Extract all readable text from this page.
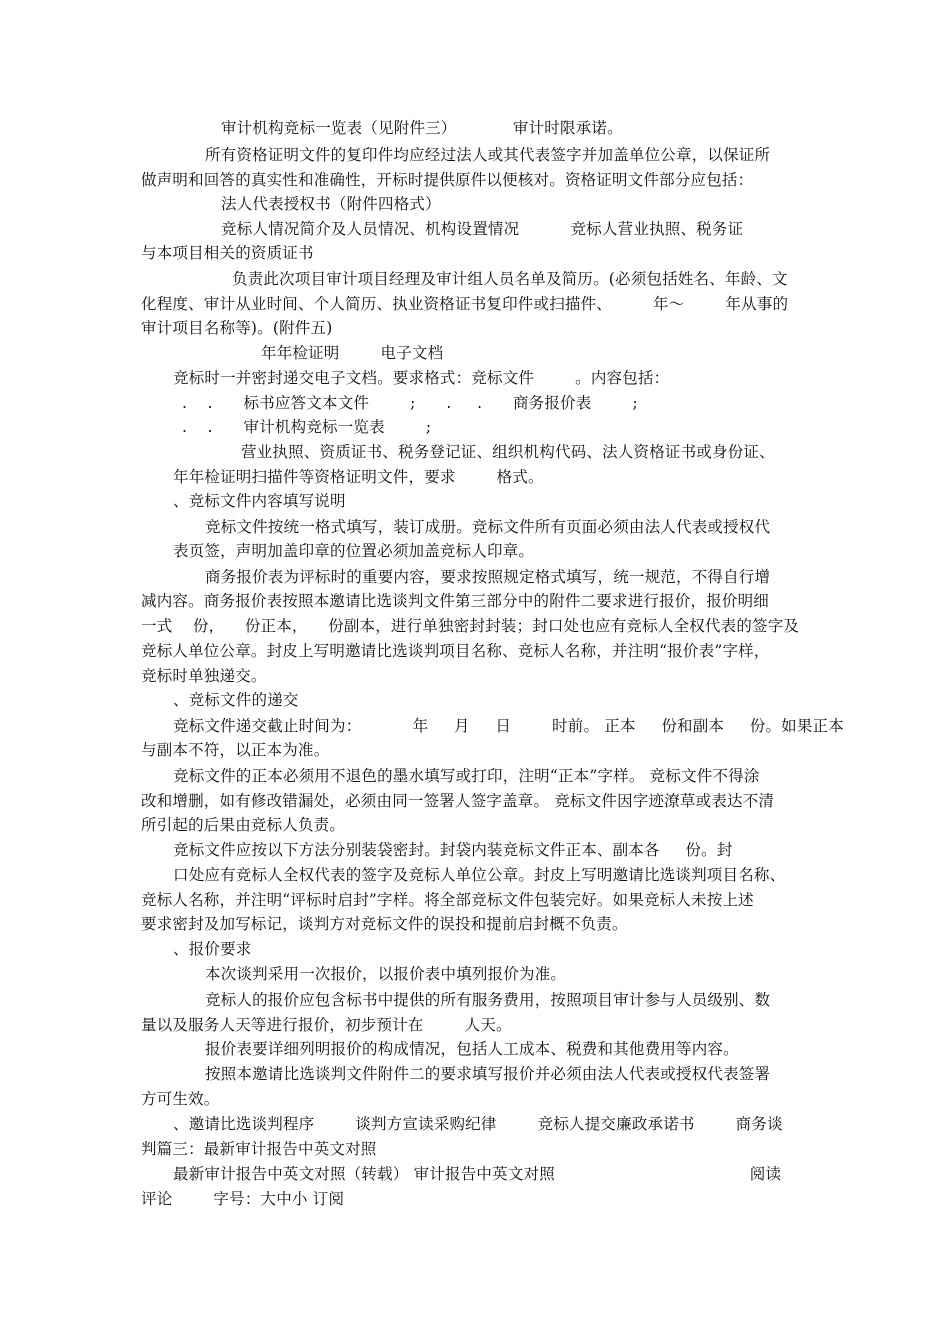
审计机构竞标一览表（见附件三）           审计时限承诺。
所有资格证明文件的复印件均应经过法人或其代表签字并加盖单位公章，以保证所
做声明和回答的真实性和准确性，开标时提供原件以便核对。资格证明文件部分应包括：
法人代表授权书（附件四格式）
竞标人情况简介及人员情况、机构设置情况          竞标人营业执照、税务证
与本项目相关的资质证书
负责此次项目审计项目经理及审计组人员名单及简历。(必须包括姓名、年龄、文
化程度、审计从业时间、个人简历、执业资格证书复印件或扫描件、        年～        年从事的
审计项目名称等)。(附件五)
年年检证明        电子文档
竞标时一并密封递交电子文档。要求格式：竞标文件        。内容包括：
.    .      标书应答文本文件        ;      .     .      商务报价表        ;
.    .      审计机构竞标一览表        ;
营业执照、资质证书、税务登记证、组织机构代码、法人资格证书或身份证、
年年检证明扫描件等资格证明文件，要求        格式。
、竞标文件内容填写说明
竞标文件按统一格式填写，装订成册。竞标文件所有页面必须由法人代表或授权代
表页签，声明加盖印章的位置必须加盖竞标人印章。
商务报价表为评标时的重要内容，要求按照规定格式填写，统一规范，不得自行增
减内容。商务报价表按照本邀请比选谈判文件第三部分中的附件二要求进行报价，报价明细
一式    份，    份正本，    份副本，进行单独密封封装；封口处也应有竞标人全权代表的签字及
竞标人单位公章。封皮上写明邀请比选谈判项目名称、竞标人名称，并注明“报价表”字样，
竞标时单独递交。
、竞标文件的递交
竞标文件递交截止时间为：          年     月     日        时前。 正本     份和副本     份。如果正本
与副本不符，以正本为准。
竞标文件的正本必须用不退色的墨水填写或打印，注明“正本”字样。 竞标文件不得涂
改和增删，如有修改错漏处，必须由同一签署人签字盖章。 竞标文件因字迹潦草或表达不清
所引起的后果由竞标人负责。
竞标文件应按以下方法分别装袋密封。封袋内装竞标文件正本、副本各     份。封
口处应有竞标人全权代表的签字及竞标人单位公章。封皮上写明邀请比选谈判项目名称、
竞标人名称，并注明“评标时启封”字样。将全部竞标文件包装完好。如果竞标人未按上述
要求密封及加写标记，谈判方对竞标文件的误投和提前启封概不负责。
、报价要求
本次谈判采用一次报价，以报价表中填列报价为准。
竞标人的报价应包含标书中提供的所有服务费用，按照项目审计参与人员级别、数
量以及服务人天等进行报价，初步预计在        人天。
报价表要详细列明报价的构成情况，包括人工成本、税费和其他费用等内容。
按照本邀请比选谈判文件附件二的要求填写报价并必须由法人代表或授权代表签署
方可生效。
、邀请比选谈判程序        谈判方宣读采购纪律        竞标人提交廉政承诺书        商务谈
判篇三：最新审计报告中英文对照
最新审计报告中英文对照（转载） 审计报告中英文对照                                      阅读
评论        字号：大中小 订阅
